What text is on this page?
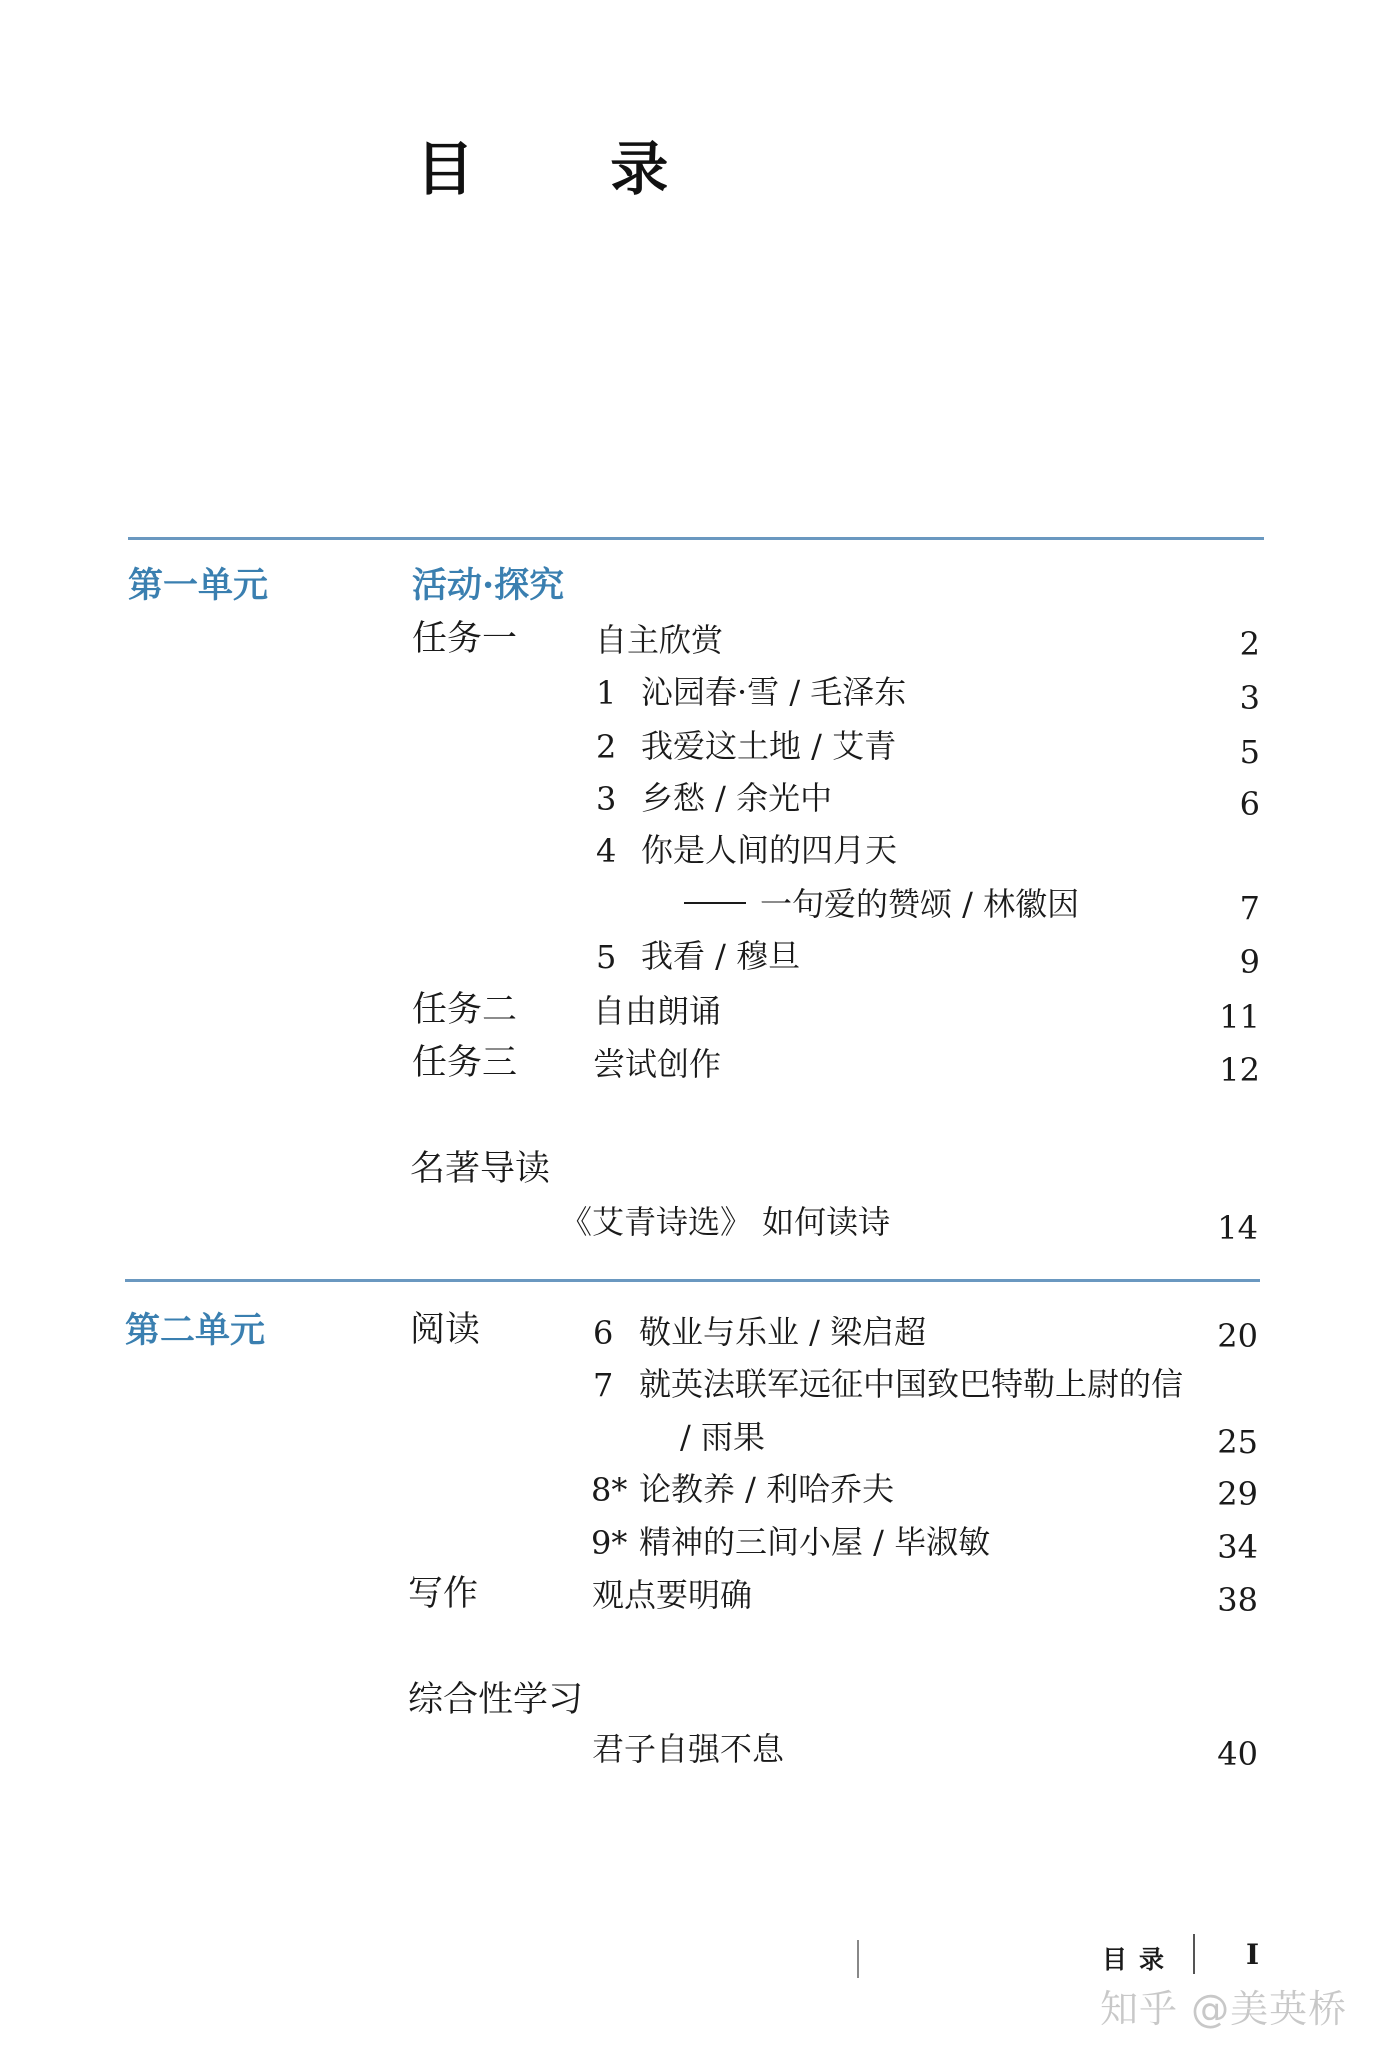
目 录
第一单元	活动·探究
任务一 自主欣赏	2
1 沁园春·雪 / 毛泽东	3
2 我爱这土地 / 艾青	5
3 乡愁 / 余光中	6
4 你是人间的四月天
一句爱的赞颂 / 林徽因	7
5 我看 / 穆旦	9
任务二 自由朗诵	11
任务三 尝试创作	12
名著导读
《艾青诗选》 如何读诗	14
第二单元	阅读	6 敬业与乐业 / 梁启超	20
7 就英法联军远征中国致巴特勒上尉的信
/ 雨果	25
8* 论教养 / 利哈乔夫	29
9* 精神的三间小屋 / 毕淑敏	34
写作	观点要明确	38
综合性学习
君子自强不息	40
目录 I
知乎 @美英桥
